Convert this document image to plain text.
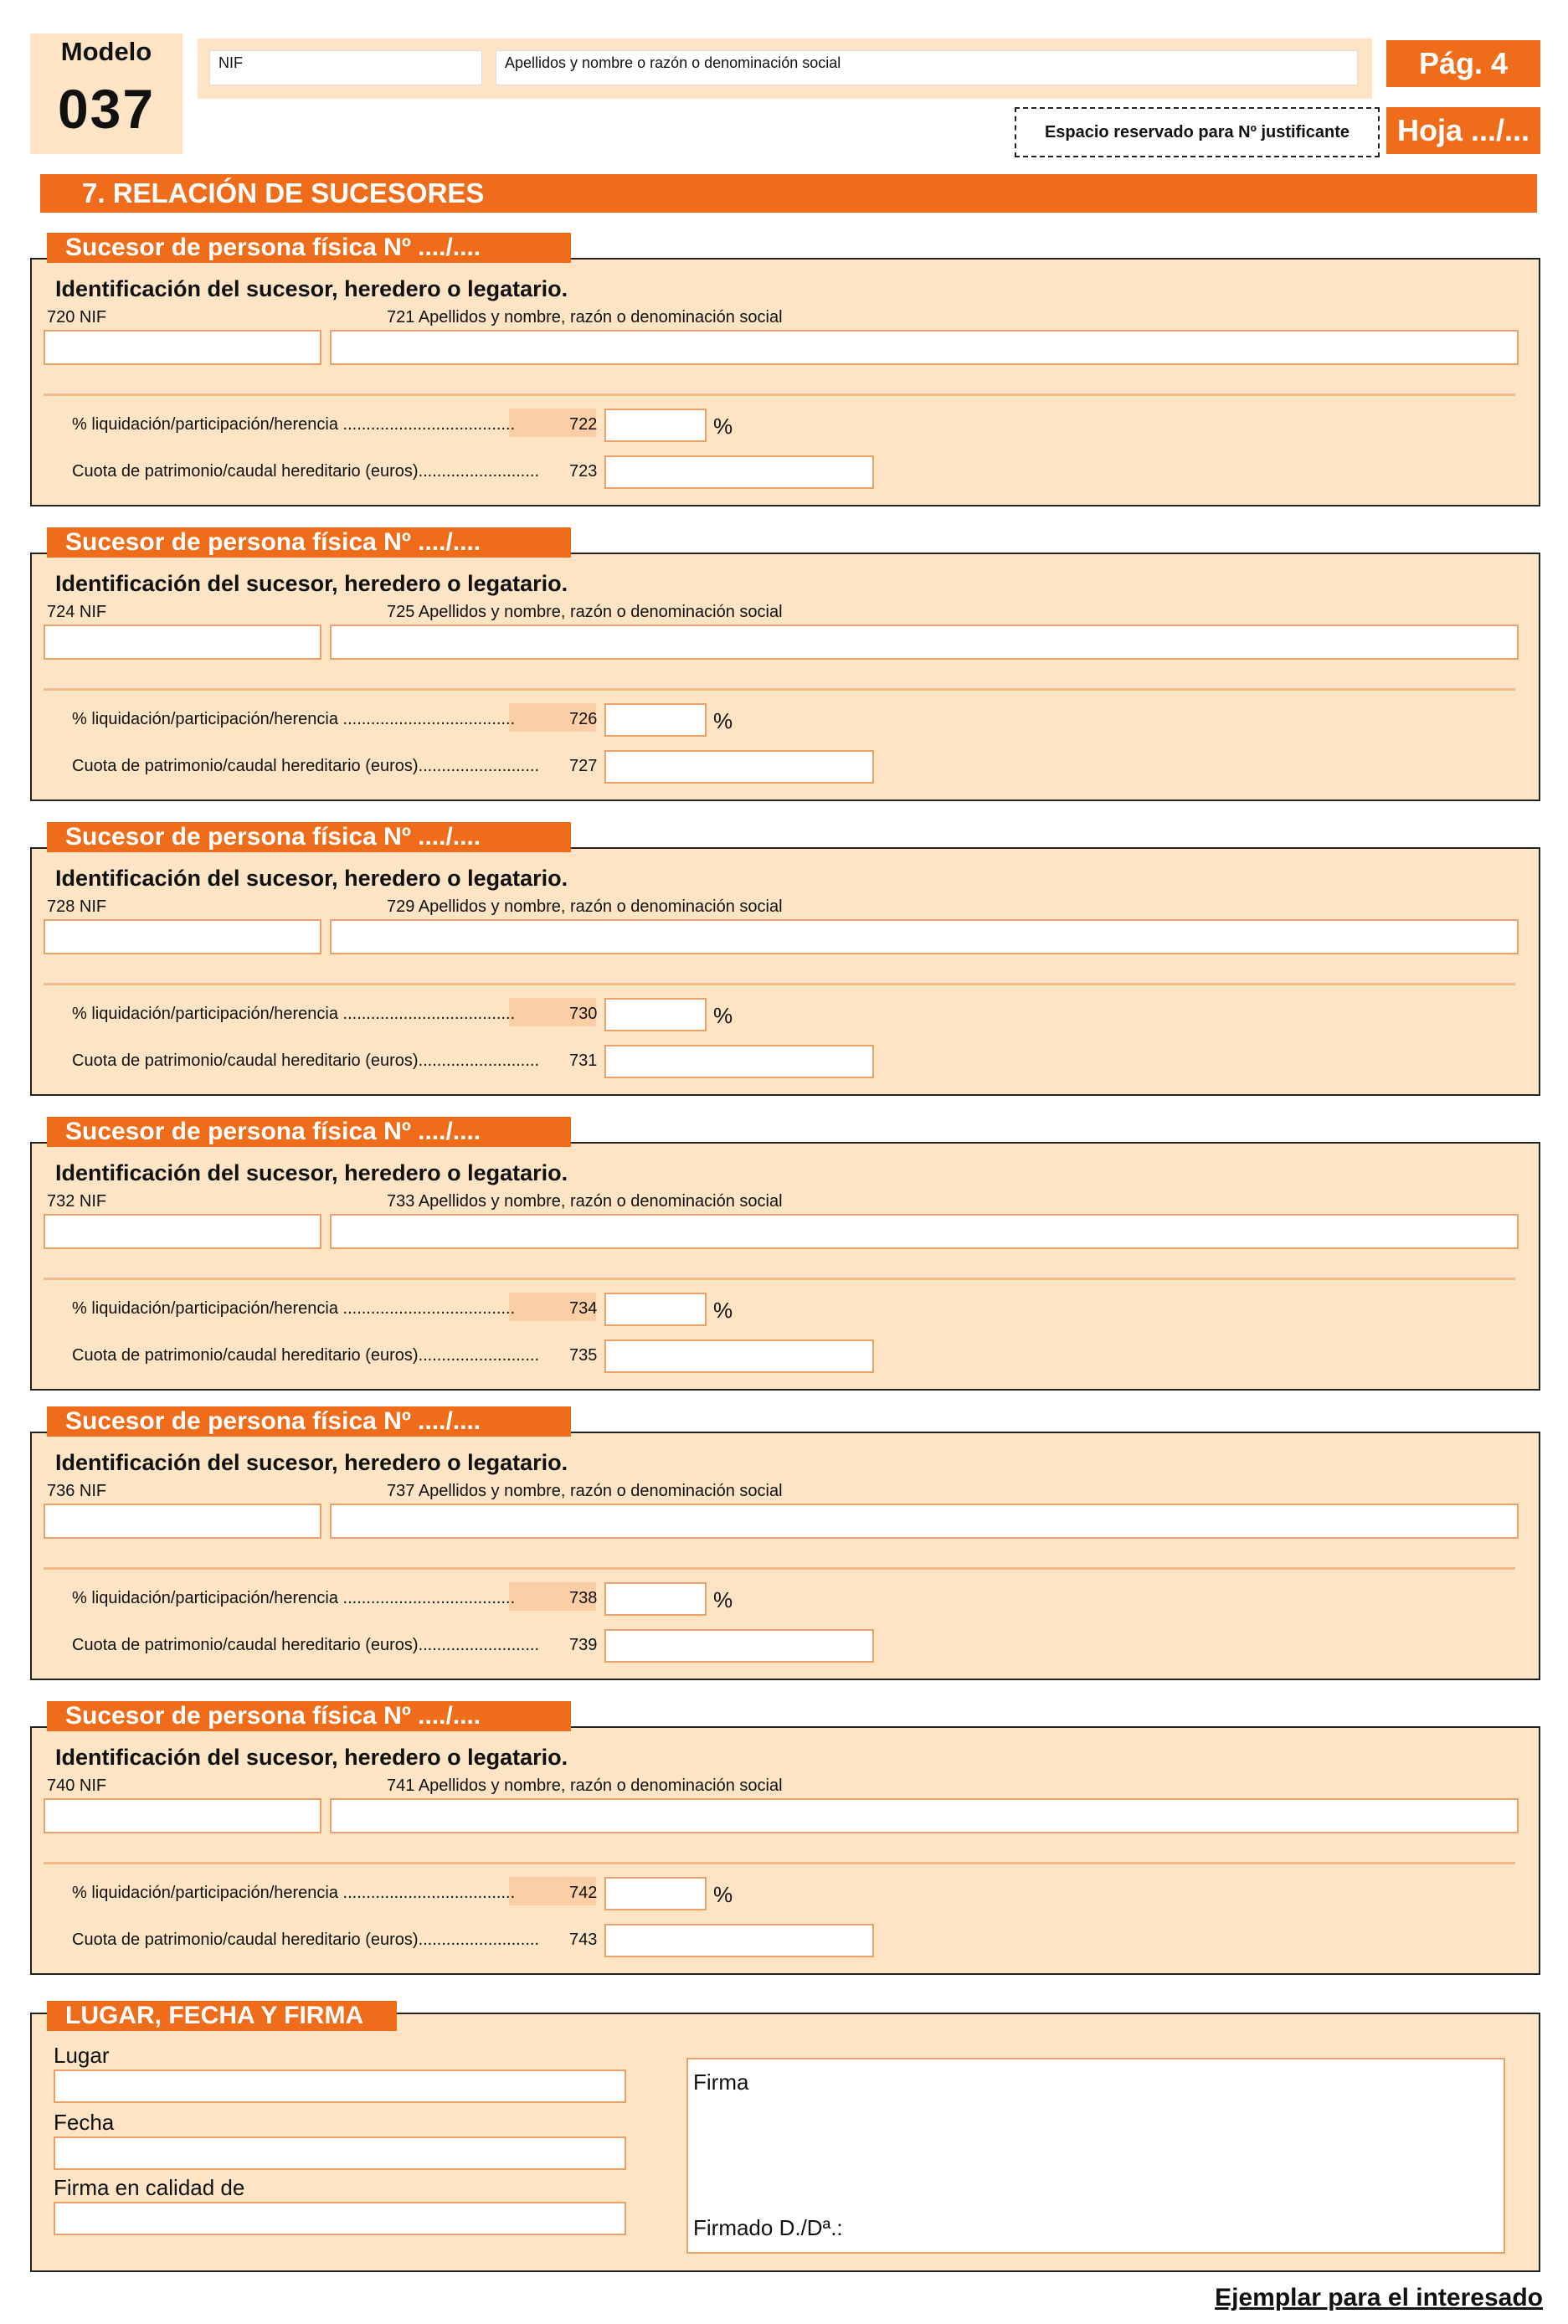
Modelo
037
NIF	Apellidos y nombre o razón o denominación social	Pág. 4
Espacio reservado para Nº justificante	Hoja .../...
7. RELACIÓN DE SUCESORES
Identificación del sucesor, heredero o legatario.
720 NIF	721 Apellidos y nombre, razón o denominación social
% liquidación/participación/herencia .....................................	722	%
Cuota de patrimonio/caudal hereditario (euros).......................... 723
Sucesor de persona física Nº ..../....
Identificación del sucesor, heredero o legatario.
724 NIF	725 Apellidos y nombre, razón o denominación social
% liquidación/participación/herencia .....................................	726	%
Cuota de patrimonio/caudal hereditario (euros).......................... 727
Sucesor de persona física Nº ..../....
Identificación del sucesor, heredero o legatario.
728 NIF	729 Apellidos y nombre, razón o denominación social
% liquidación/participación/herencia .....................................	730	%
Cuota de patrimonio/caudal hereditario (euros).......................... 731
Sucesor de persona física Nº ..../....
Identificación del sucesor, heredero o legatario.
732 NIF	733 Apellidos y nombre, razón o denominación social
% liquidación/participación/herencia .....................................	734	%
Cuota de patrimonio/caudal hereditario (euros).......................... 735
Sucesor de persona física Nº ..../....
Identificación del sucesor, heredero o legatario.
736 NIF	737 Apellidos y nombre, razón o denominación social
% liquidación/participación/herencia .....................................	738	%
Cuota de patrimonio/caudal hereditario (euros).......................... 739
Sucesor de persona física Nº ..../....
Identificación del sucesor, heredero o legatario.
740 NIF	741 Apellidos y nombre, razón o denominación social
% liquidación/participación/herencia .....................................	742	%
Cuota de patrimonio/caudal hereditario (euros).......................... 743
Sucesor de persona física Nº ..../....
Lugar
Fecha
Firma en calidad de
Firma
Firmado D./Dª.:
LUGAR, FECHA Y FIRMA
Ejemplar para el interesado
